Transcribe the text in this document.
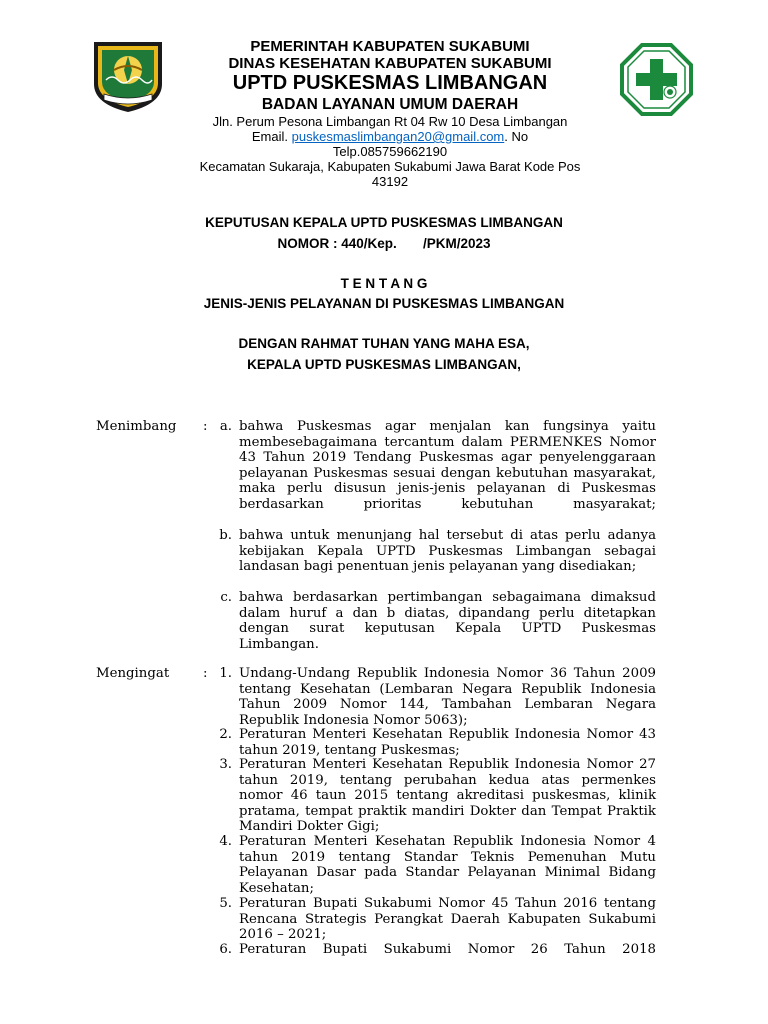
PEMERINTAH KABUPATEN SUKABUMI
DINAS KESEHATAN KABUPATEN SUKABUMI
UPTD PUSKESMAS LIMBANGAN
BADAN LAYANAN UMUM DAERAH
Jln. Perum Pesona Limbangan Rt 04 Rw 10 Desa Limbangan
Email. puskesmaslimbangan20@gmail.com. No
Telp.085759662190
Kecamatan Sukaraja, Kabupaten Sukabumi Jawa Barat Kode Pos
43192
KEPUTUSAN KEPALA UPTD PUSKESMAS LIMBANGAN
NOMOR : 440/Kep.       /PKM/2023
T E N T A N G
JENIS-JENIS PELAYANAN DI PUSKESMAS LIMBANGAN
DENGAN RAHMAT TUHAN YANG MAHA ESA,
KEPALA UPTD PUSKESMAS LIMBANGAN,
Menimbang : a. bahwa Puskesmas agar menjalan kan fungsinya yaitu membesebagaimana tercantum dalam PERMENKES Nomor 43 Tahun 2019 Tendang Puskesmas agar penyelenggaraan pelayanan Puskesmas sesuai dengan kebutuhan masyarakat, maka perlu disusun jenis-jenis pelayanan di Puskesmas berdasarkan prioritas kebutuhan masyarakat;
b. bahwa untuk menunjang hal tersebut di atas perlu adanya kebijakan Kepala UPTD Puskesmas Limbangan sebagai landasan bagi penentuan jenis pelayanan yang disediakan;
c. bahwa berdasarkan pertimbangan sebagaimana dimaksud dalam huruf a dan b diatas, dipandang perlu ditetapkan dengan surat keputusan Kepala UPTD Puskesmas Limbangan.
Mengingat	: 1. Undang-Undang Republik Indonesia Nomor 36 Tahun 2009 tentang Kesehatan (Lembaran Negara Republik Indonesia Tahun 2009 Nomor 144, Tambahan Lembaran Negara Republik Indonesia Nomor 5063);
2. Peraturan Menteri Kesehatan Republik Indonesia Nomor 43 tahun 2019, tentang Puskesmas;
3. Peraturan Menteri Kesehatan Republik Indonesia Nomor 27 tahun 2019, tentang perubahan kedua atas permenkes nomor 46 taun 2015 tentang akreditasi puskesmas, klinik pratama, tempat praktik mandiri Dokter dan Tempat Praktik Mandiri Dokter Gigi;
4. Peraturan Menteri Kesehatan Republik Indonesia Nomor 4 tahun 2019 tentang Standar Teknis Pemenuhan Mutu Pelayanan Dasar pada Standar Pelayanan Minimal Bidang Kesehatan;
5. Peraturan Bupati Sukabumi Nomor 45 Tahun 2016 tentang Rencana Strategis Perangkat Daerah Kabupaten Sukabumi 2016 – 2021;
6. Peraturan Bupati Sukabumi Nomor 26 Tahun 2018
